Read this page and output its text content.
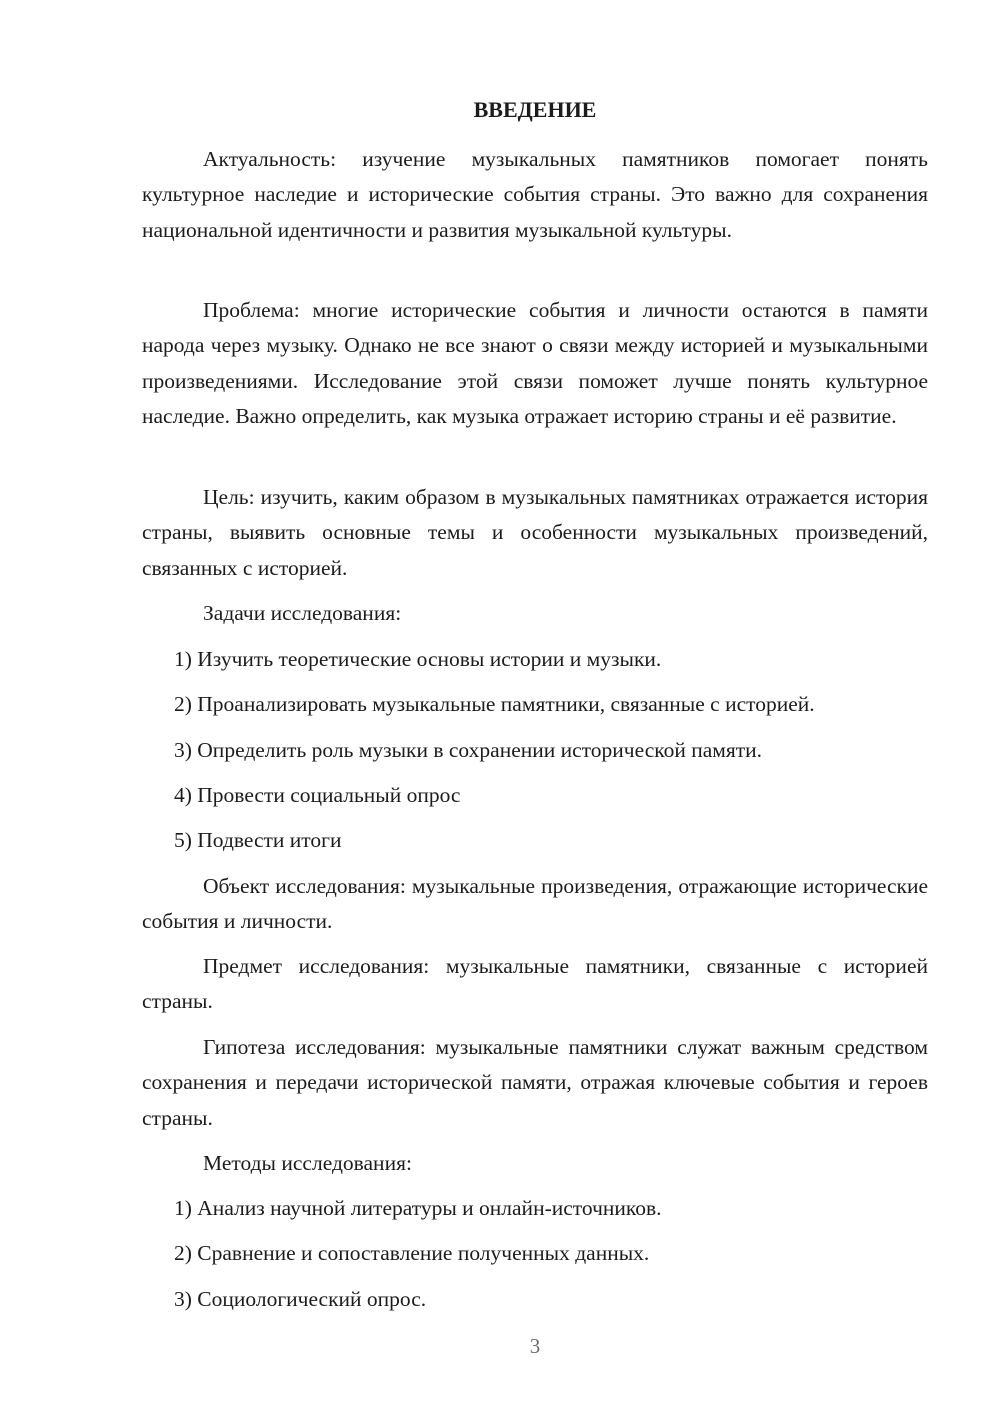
ВВЕДЕНИЕ

Актуальность: изучение музыкальных памятников помогает понять культурное наследие и исторические события страны. Это важно для сохранения национальной идентичности и развития музыкальной культуры.

Проблема: многие исторические события и личности остаются в памяти народа через музыку. Однако не все знают о связи между историей и музыкальными произведениями. Исследование этой связи поможет лучше понять культурное наследие. Важно определить, как музыка отражает историю страны и её развитие.

Цель: изучить, каким образом в музыкальных памятниках отражается история страны, выявить основные темы и особенности музыкальных произведений, связанных с историей.

Задачи исследования:

1) Изучить теоретические основы истории и музыки.

2) Проанализировать музыкальные памятники, связанные с историей.

3) Определить роль музыки в сохранении исторической памяти.

4) Провести социальный опрос

5) Подвести итоги

Объект исследования: музыкальные произведения, отражающие исторические события и личности.

Предмет исследования: музыкальные памятники, связанные с историей страны.

Гипотеза исследования: музыкальные памятники служат важным средством сохранения и передачи исторической памяти, отражая ключевые события и героев страны.

Методы исследования:

1) Анализ научной литературы и онлайн-источников.

2) Сравнение и сопоставление полученных данных.

3) Социологический опрос.

3
